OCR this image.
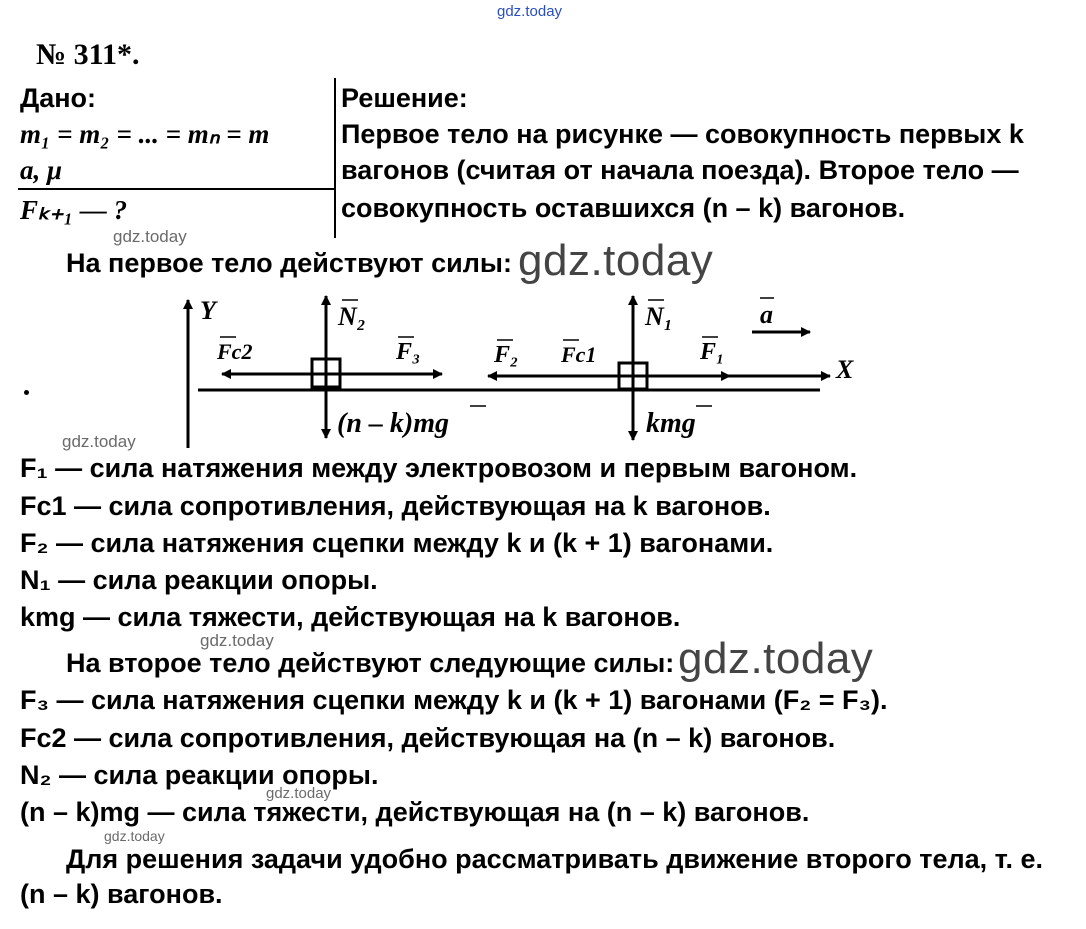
gdz.today
№ 311*.
Дано:
m₁ = m₂ = ... = mₙ = m
a, μ
Fₖ₊₁ — ?
Решение:
Первое тело на рисунке — совокупность первых k
вагонов (считая от начала поезда). Второе тело —
совокупность оставшихся (n – k) вагонов.
gdz.today
На первое тело действуют силы: gdz.today
Y
X
N₂	N₁
Fc2	F₃	F₂ Fc1	F₁
a
(n – k)mg	kmg
gdz.today
F₁ — сила натяжения между электровозом и первым вагоном.
Fc1 — сила сопротивления, действующая на k вагонов.
F₂ — сила натяжения сцепки между k и (k + 1) вагонами.
N₁ — сила реакции опоры.
kmg — сила тяжести, действующая на k вагонов.
gdz.today
На второе тело действуют следующие силы: gdz.today
F₃ — сила натяжения сцепки между k и (k + 1) вагонами (F₂ = F₃).
Fc2 — сила сопротивления, действующая на (n – k) вагонов.
N₂ — сила реакции опоры.
gdz.today
(n – k)mg — сила тяжести, действующая на (n – k) вагонов.
gdz.today
Для решения задачи удобно рассматривать движение второго тела, т. е.
(n – k) вагонов.
